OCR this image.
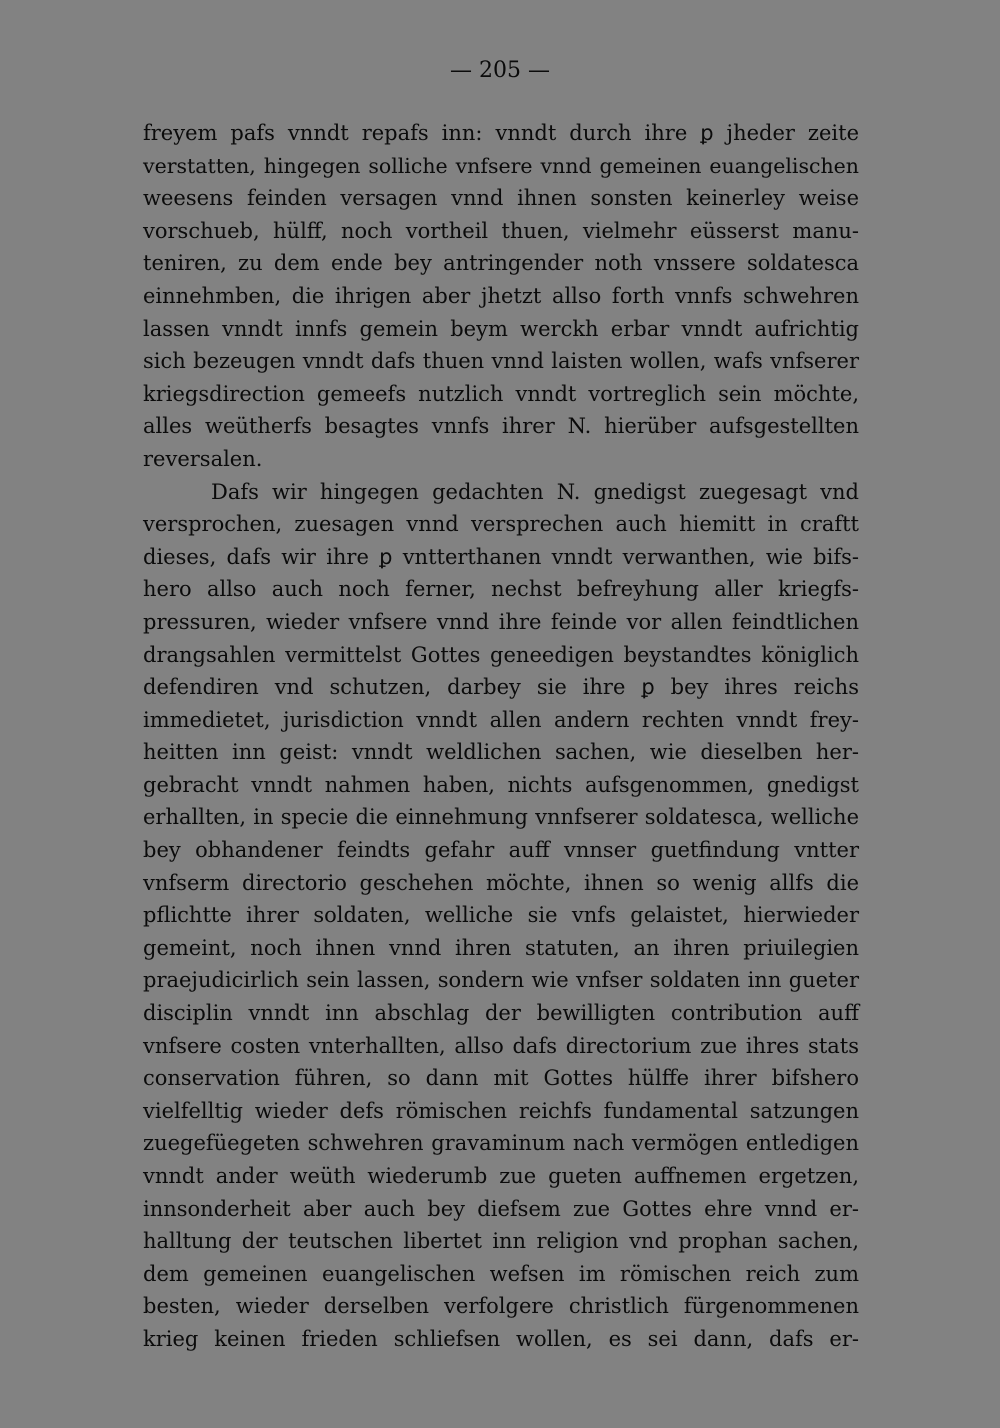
— 205 —
freyem pafs vnndt repafs inn: vnndt durch ihre ꝑ jheder zeite
verstatten, hingegen solliche vnfsere vnnd gemeinen euangelischen
weesens feinden versagen vnnd ihnen sonsten keinerley weise
vorschueb, hülff, noch vortheil thuen, vielmehr eüsserst manu-
teniren, zu dem ende bey antringender noth vnssere soldatesca
einnehmben, die ihrigen aber jhetzt allso forth vnnfs schwehren
lassen vnndt innfs gemein beym werckh erbar vnndt aufrichtig
sich bezeugen vnndt dafs thuen vnnd laisten wollen, wafs vnfserer
kriegsdirection gemeefs nutzlich vnndt vortreglich sein möchte,
alles weütherfs besagtes vnnfs ihrer N. hierüber aufsgestellten
reversalen.
Dafs wir hingegen gedachten N. gnedigst zuegesagt vnd
versprochen, zuesagen vnnd versprechen auch hiemitt in craftt
dieses, dafs wir ihre ꝑ vntterthanen vnndt verwanthen, wie bifs-
hero allso auch noch ferner, nechst befreyhung aller kriegfs-
pressuren, wieder vnfsere vnnd ihre feinde vor allen feindtlichen
drangsahlen vermittelst Gottes geneedigen beystandtes königlich
defendiren vnd schutzen, darbey sie ihre ꝑ bey ihres reichs
immedietet, jurisdiction vnndt allen andern rechten vnndt frey-
heitten inn geist: vnndt weldlichen sachen, wie dieselben her-
gebracht vnndt nahmen haben, nichts aufsgenommen, gnedigst
erhallten, in specie die einnehmung vnnfserer soldatesca, welliche
bey obhandener feindts gefahr auff vnnser guetfindung vntter
vnfserm directorio geschehen möchte, ihnen so wenig allfs die
pflichtte ihrer soldaten, welliche sie vnfs gelaistet, hierwieder
gemeint, noch ihnen vnnd ihren statuten, an ihren priuilegien
praejudicirlich sein lassen, sondern wie vnfser soldaten inn gueter
disciplin vnndt inn abschlag der bewilligten contribution auff
vnfsere costen vnterhallten, allso dafs directorium zue ihres stats
conservation führen, so dann mit Gottes hülffe ihrer bifshero
vielfelltig wieder defs römischen reichfs fundamental satzungen
zuegefüegeten schwehren gravaminum nach vermögen entledigen
vnndt ander weüth wiederumb zue gueten auffnemen ergetzen,
innsonderheit aber auch bey diefsem zue Gottes ehre vnnd er-
halltung der teutschen libertet inn religion vnd prophan sachen,
dem gemeinen euangelischen wefsen im römischen reich zum
besten, wieder derselben verfolgere christlich fürgenommenen
krieg keinen frieden schliefsen wollen, es sei dann, dafs er-
